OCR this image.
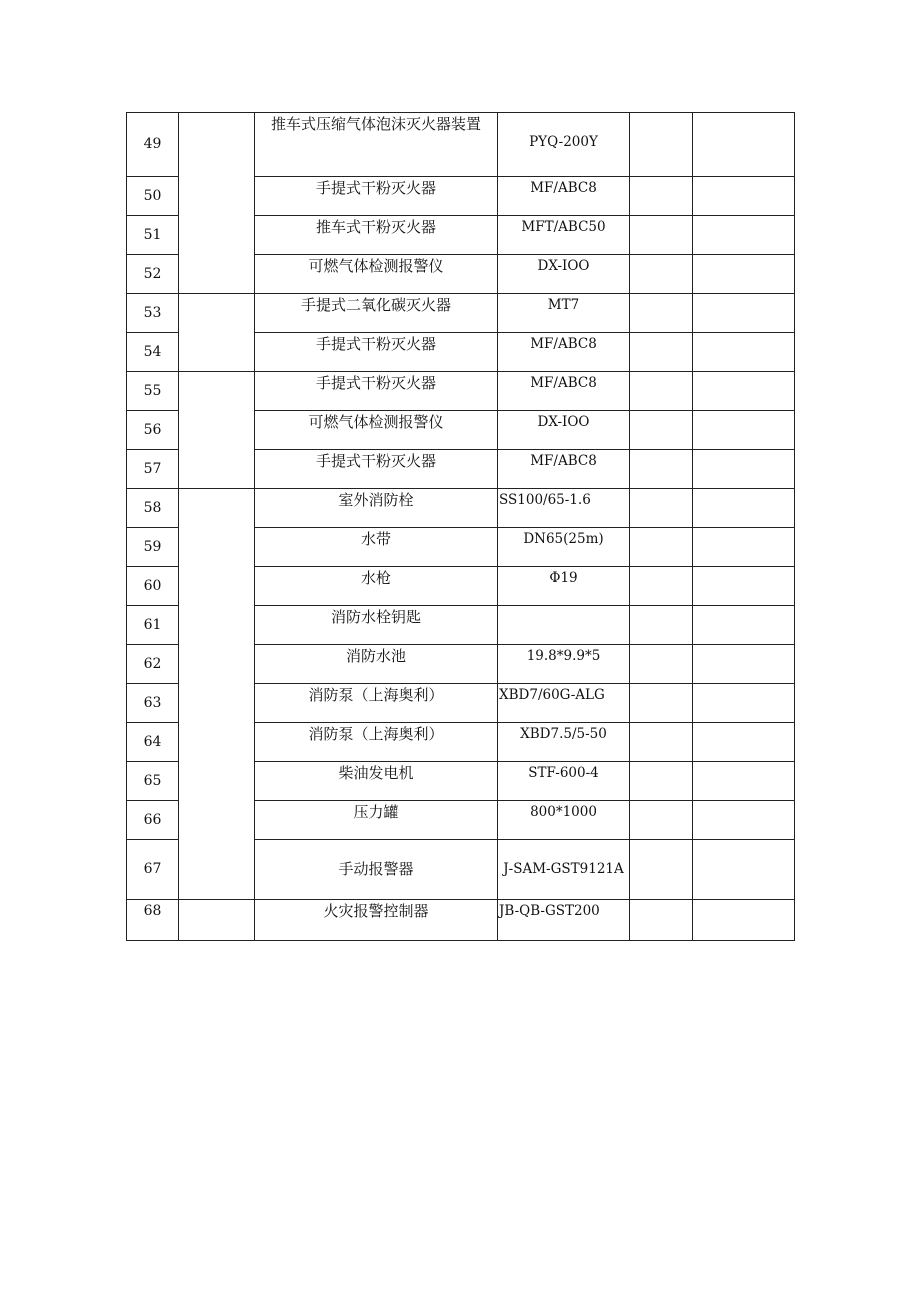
49		推车式压缩气体泡沫灭火器装置	PYQ-200Y		
50		手提式干粉灭火器	MF/ABC8		
51		推车式干粉灭火器	MFT/ABC50		
52		可燃气体检测报警仪	DX-IOO		
53		手提式二氧化碳灭火器	MT7		
54		手提式干粉灭火器	MF/ABC8		
55		手提式干粉灭火器	MF/ABC8		
56		可燃气体检测报警仪	DX-IOO		
57		手提式干粉灭火器	MF/ABC8		
58		室外消防栓	SS100/65-1.6		
59		水带	DN65(25m)		
60		水枪	Φ19		
61		消防水栓钥匙			
62		消防水池	19.8*9.9*5		
63		消防泵（上海奥利）	XBD7/60G-ALG		
64		消防泵（上海奥利）	XBD7.5/5-50		
65		柴油发电机	STF-600-4		
66		压力罐	800*1000		
67		手动报警器	J-SAM-GST9121A		
68		火灾报警控制器	JB-QB-GST200		
